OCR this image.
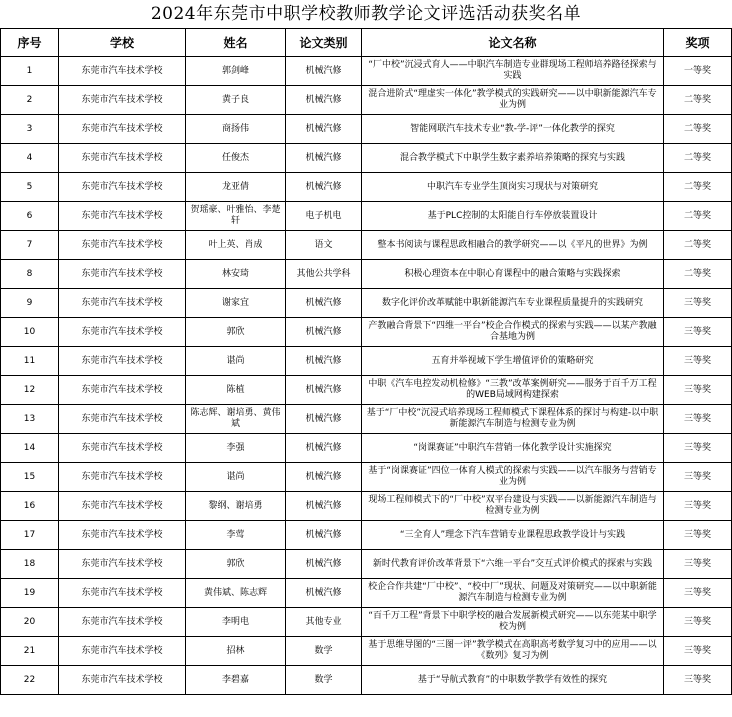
2024年东莞市中职学校教师教学论文评选活动获奖名单
序号	学校	姓名	论文类别	论文名称	奖项
1	东莞市汽车技术学校	郭剑峰	机械汽修	“厂中校”沉浸式育人——中职汽车制造专业群现场工程师培养路径探索与实践	一等奖
2	东莞市汽车技术学校	黄子良	机械汽修	混合进阶式“理虚实一体化”教学模式的实践研究——以中职新能源汽车专业为例	二等奖
3	东莞市汽车技术学校	商扬伟	机械汽修	智能网联汽车技术专业“教-学-评”一体化教学的探究	二等奖
4	东莞市汽车技术学校	任俊杰	机械汽修	混合教学模式下中职学生数字素养培养策略的探究与实践	二等奖
5	东莞市汽车技术学校	龙亚倩	机械汽修	中职汽车专业学生顶岗实习现状与对策研究	二等奖
6	东莞市汽车技术学校	贺瑶豪、叶雅怡、李楚轩	电子机电	基于PLC控制的太阳能自行车停放装置设计	二等奖
7	东莞市汽车技术学校	叶上英、肖成	语文	整本书阅读与课程思政相融合的教学研究——以《平凡的世界》为例	二等奖
8	东莞市汽车技术学校	林安琦	其他公共学科	积极心理资本在中职心育课程中的融合策略与实践探索	二等奖
9	东莞市汽车技术学校	谢家宜	机械汽修	数字化评价改革赋能中职新能源汽车专业课程质量提升的实践研究	三等奖
10	东莞市汽车技术学校	郭欣	机械汽修	产教融合背景下“四维一平台”校企合作模式的探索与实践——以某产教融合基地为例	三等奖
11	东莞市汽车技术学校	谌尚	机械汽修	五育并举视域下学生增值评价的策略研究	三等奖
12	东莞市汽车技术学校	陈植	机械汽修	中职《汽车电控发动机检修》“三教”改革案例研究——服务于百千万工程的WEB局域网构建探索	三等奖
13	东莞市汽车技术学校	陈志辉、谢培勇、黄伟斌	机械汽修	基于“厂中校”沉浸式培养现场工程师模式下课程体系的探讨与构建-以中职新能源汽车制造与检测专业为例	三等奖
14	东莞市汽车技术学校	李强	机械汽修	“岗课赛证”中职汽车营销一体化教学设计实施探究	三等奖
15	东莞市汽车技术学校	谌尚	机械汽修	基于“岗课赛证”四位一体育人模式的探索与实践——以汽车服务与营销专业为例	三等奖
16	东莞市汽车技术学校	黎纲、谢培勇	机械汽修	现场工程师模式下的“厂中校”双平台建设与实践——以新能源汽车制造与检测专业为例	三等奖
17	东莞市汽车技术学校	李莺	机械汽修	“三全育人”理念下汽车营销专业课程思政教学设计与实践	三等奖
18	东莞市汽车技术学校	郭欣	机械汽修	新时代教育评价改革背景下“六维一平台”交互式评价模式的探索与实践	三等奖
19	东莞市汽车技术学校	黄伟斌、陈志辉	机械汽修	校企合作共建“厂中校”、“校中厂”现状、问题及对策研究——以中职新能源汽车制造与检测专业为例	三等奖
20	东莞市汽车技术学校	李明电	其他专业	“百千万工程”背景下中职学校的融合发展新模式研究——以东莞某中职学校为例	三等奖
21	东莞市汽车技术学校	招林	数学	基于思维导图的“三图一评”教学模式在高职高考数学复习中的应用——以《数列》复习为例	三等奖
22	东莞市汽车技术学校	李碧嘉	数学	基于“导航式教育”的中职数学教学有效性的探究	三等奖
